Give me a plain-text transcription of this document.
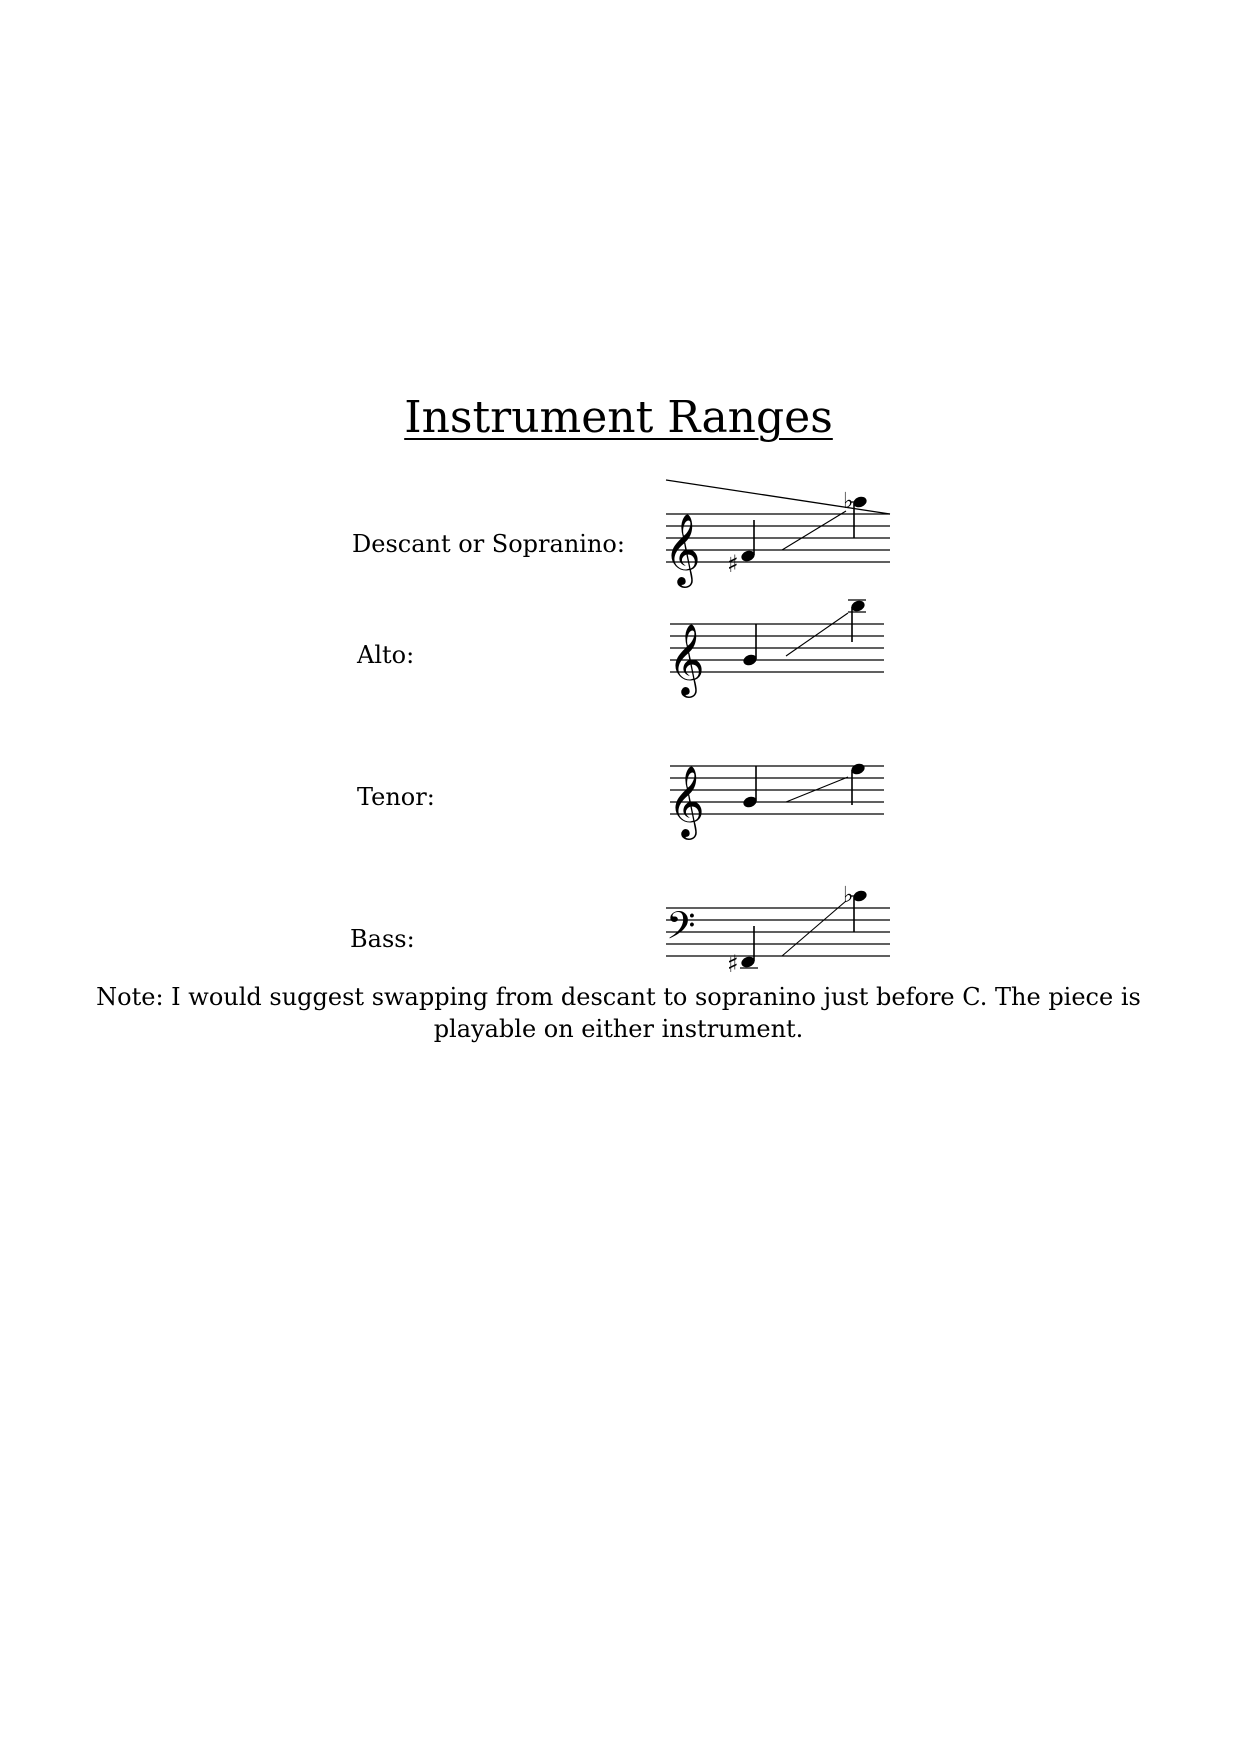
Instrument Ranges
Descant or Sopranino:
Alto:
Tenor:
Bass:
𝄞 ♯
♭
𝄞
𝄞
𝄢
♯
♭
Note: I would suggest swapping from descant to sopranino just before C. The piece is
playable on either instrument.
